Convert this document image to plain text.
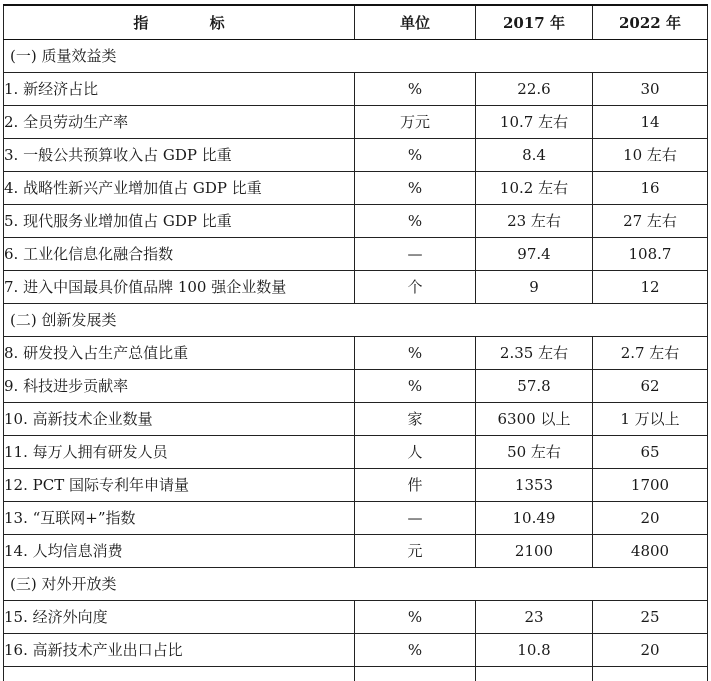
指 标	单位	2017 年	2022 年
(一) 质量效益类			
1. 新经济占比	%	22.6	30
2. 全员劳动生产率	万元	10.7 左右	14
3. 一般公共预算收入占 GDP 比重	%	8.4	10 左右
4. 战略性新兴产业增加值占 GDP 比重	%	10.2 左右	16
5. 现代服务业增加值占 GDP 比重	%	23 左右	27 左右
6. 工业化信息化融合指数	—	97.4	108.7
7. 进入中国最具价值品牌 100 强企业数量	个	9	12
(二) 创新发展类			
8. 研发投入占生产总值比重	%	2.35 左右	2.7 左右
9. 科技进步贡献率	%	57.8	62
10. 高新技术企业数量	家	6300 以上	1 万以上
11. 每万人拥有研发人员	人	50 左右	65
12. PCT 国际专利年申请量	件	1353	1700
13. “互联网+”指数	—	10.49	20
14. 人均信息消费	元	2100	4800
(三) 对外开放类			
15. 经济外向度	%	23	25
16. 高新技术产业出口占比	%	10.8	20
